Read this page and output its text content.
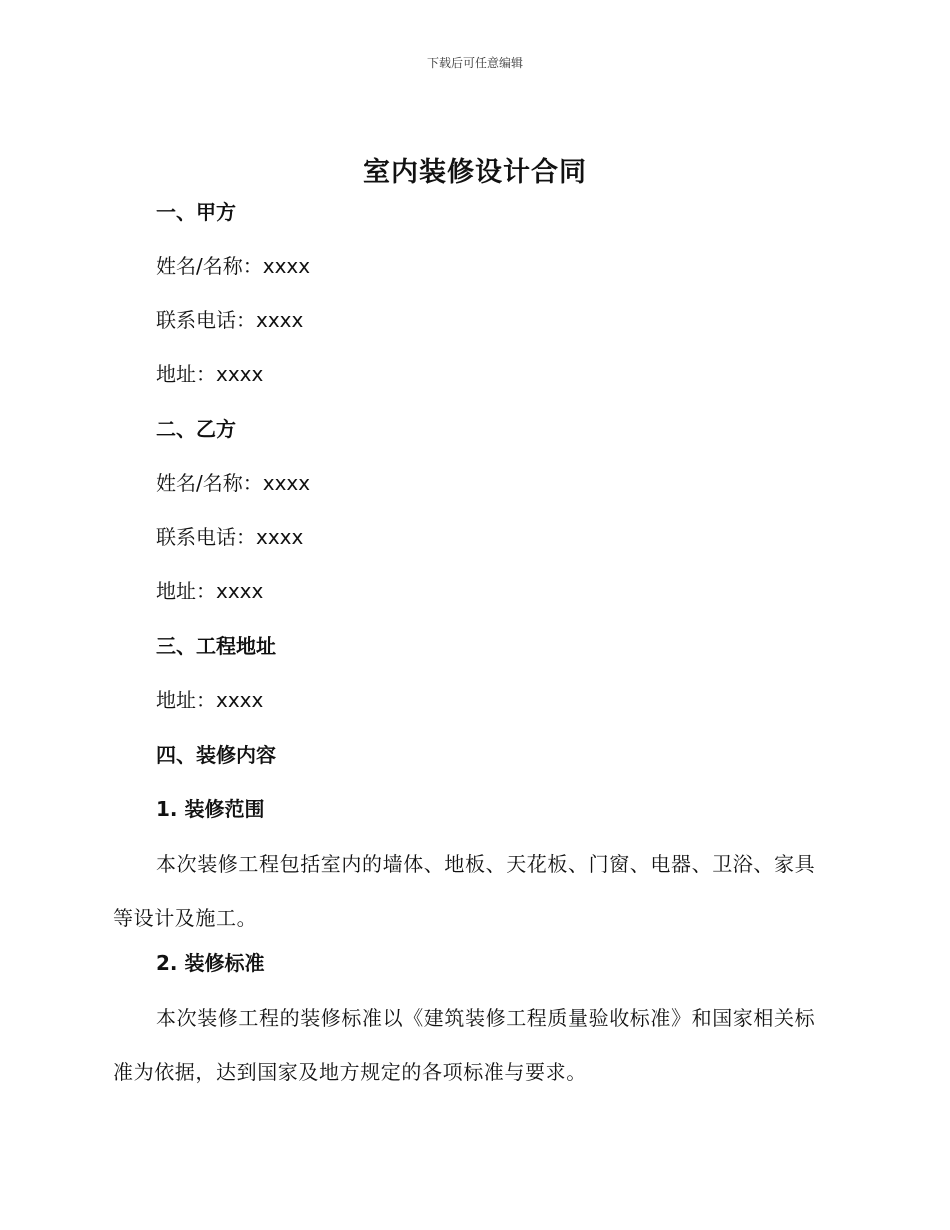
下载后可任意编辑
室内装修设计合同
一、甲方
姓名/名称：xxxx
联系电话：xxxx
地址：xxxx
二、乙方
姓名/名称：xxxx
联系电话：xxxx
地址：xxxx
三、工程地址
地址：xxxx
四、装修内容
1. 装修范围
本次装修工程包括室内的墙体、地板、天花板、门窗、电器、卫浴、家具等设计及施工。
2. 装修标准
本次装修工程的装修标准以《建筑装修工程质量验收标准》和国家相关标准为依据，达到国家及地方规定的各项标准与要求。
